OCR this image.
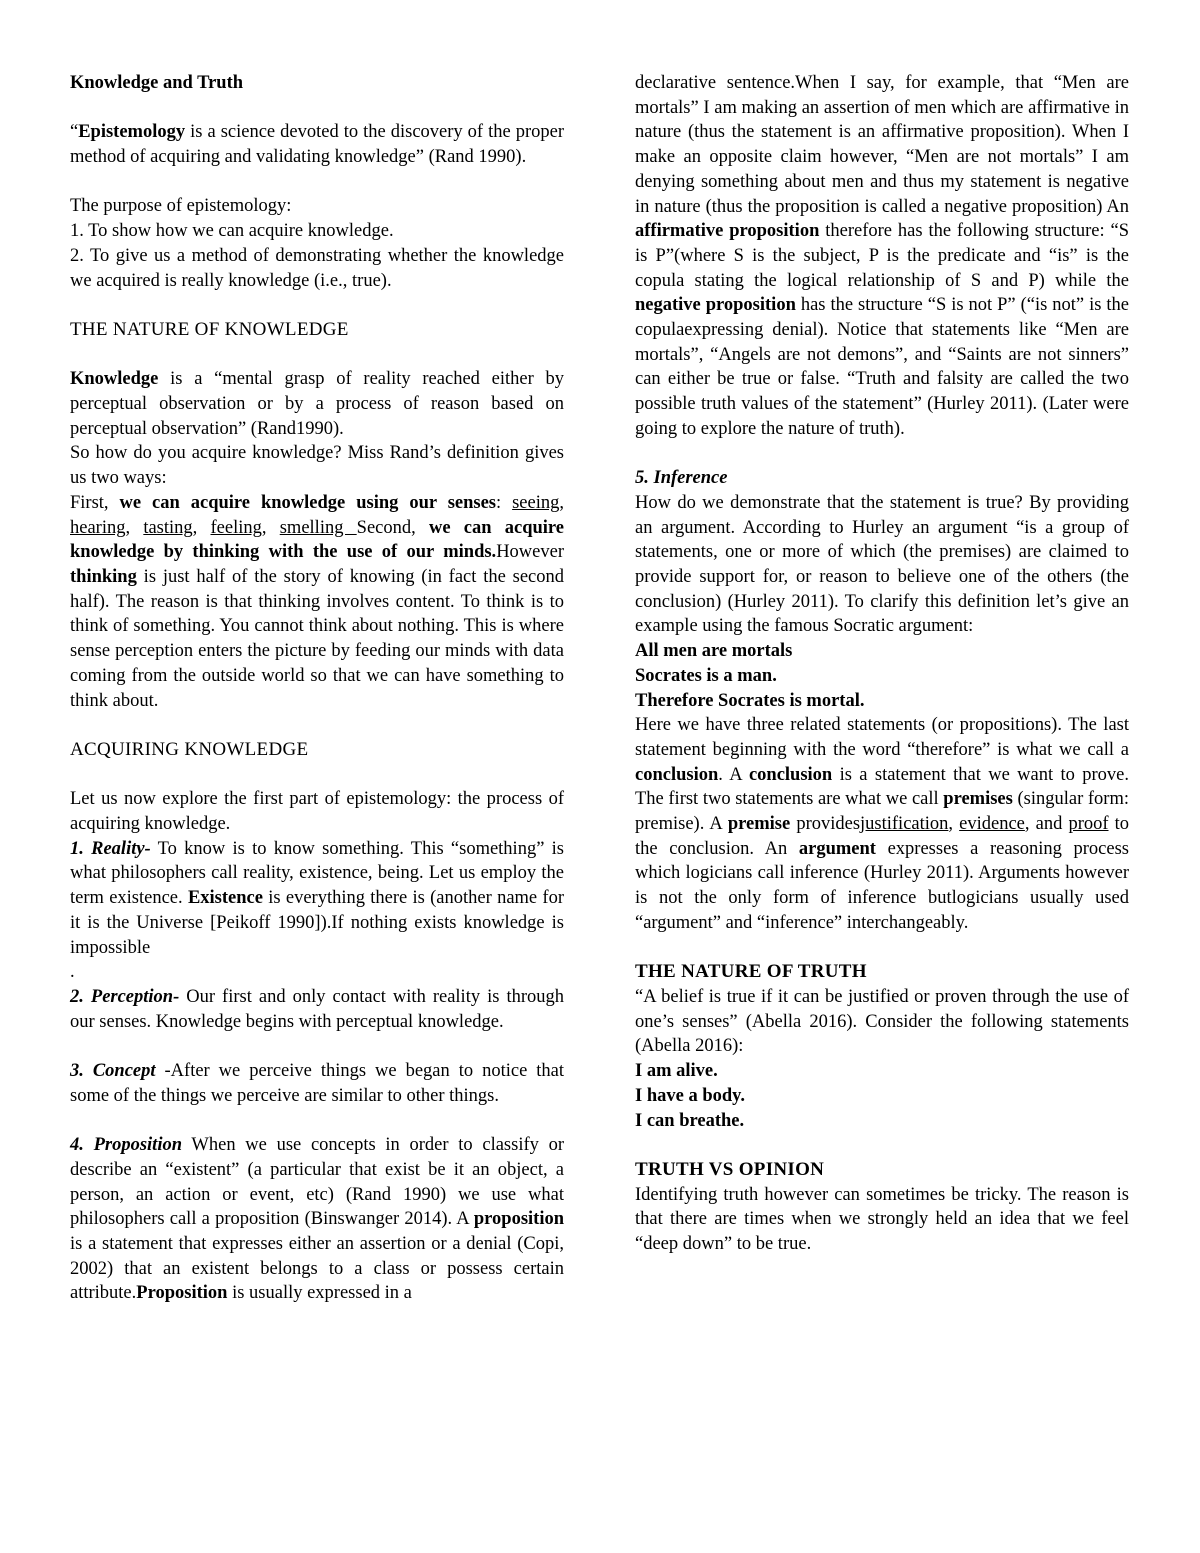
Knowledge and Truth

“Epistemology is a science devoted to the discovery of the proper method of acquiring and validating knowledge” (Rand 1990).

The purpose of epistemology:

1. To show how we can acquire knowledge.

2. To give us a method of demonstrating whether the knowledge we acquired is really knowledge (i.e., true).

THE NATURE OF KNOWLEDGE

Knowledge is a “mental grasp of reality reached either by perceptual observation or by a process of reason based on perceptual observation” (Rand1990).

So how do you acquire knowledge? Miss Rand’s definition gives us two ways:

First, we can acquire knowledge using our senses: seeing, hearing, tasting, feeling, smelling Second, we can acquire knowledge by thinking with the use of our minds.However thinking is just half of the story of knowing (in fact the second half). The reason is that thinking involves content. To think is to think of something. You cannot think about nothing. This is where sense perception enters the picture by feeding our minds with data coming from the outside world so that we can have something to think about.

ACQUIRING KNOWLEDGE

Let us now explore the first part of epistemology: the process of acquiring knowledge.

1. Reality- To know is to know something. This “something” is what philosophers call reality, existence, being. Let us employ the term existence. Existence is everything there is (another name for it is the Universe [Peikoff 1990]).If nothing exists knowledge is impossible

.

2. Perception- Our first and only contact with reality is through our senses. Knowledge begins with perceptual knowledge.

3. Concept -After we perceive things we began to notice that some of the things we perceive are similar to other things.

4. Proposition When we use concepts in order to classify or describe an “existent” (a particular that exist be it an object, a person, an action or event, etc) (Rand 1990) we use what philosophers call a proposition (Binswanger 2014). A proposition is a statement that expresses either an assertion or a denial (Copi, 2002) that an existent belongs to a class or possess certain attribute.Proposition is usually expressed in a

declarative sentence.When I say, for example, that “Men are mortals” I am making an assertion of men which are affirmative in nature (thus the statement is an affirmative proposition). When I make an opposite claim however, “Men are not mortals” I am denying something about men and thus my statement is negative in nature (thus the proposition is called a negative proposition) An affirmative proposition therefore has the following structure: “S is P”(where S is the subject, P is the predicate and “is” is the copula stating the logical relationship of S and P) while the negative proposition has the structure “S is not P” (“is not” is the copulaexpressing denial). Notice that statements like “Men are mortals”, “Angels are not demons”, and “Saints are not sinners” can either be true or false. “Truth and falsity are called the two possible truth values of the statement” (Hurley 2011). (Later were going to explore the nature of truth).

5. Inference

How do we demonstrate that the statement is true? By providing an argument. According to Hurley an argument “is a group of statements, one or more of which (the premises) are claimed to provide support for, or reason to believe one of the others (the conclusion) (Hurley 2011). To clarify this definition let’s give an example using the famous Socratic argument:

All men are mortals

Socrates is a man.

Therefore Socrates is mortal.

Here we have three related statements (or propositions). The last statement beginning with the word “therefore” is what we call a conclusion. A conclusion is a statement that we want to prove. The first two statements are what we call premises (singular form: premise). A premise providesjustification, evidence, and proof to the conclusion. An argument expresses a reasoning process which logicians call inference (Hurley 2011). Arguments however is not the only form of inference butlogicians usually used “argument” and “inference” interchangeably.

THE NATURE OF TRUTH

“A belief is true if it can be justified or proven through the use of one’s senses” (Abella 2016). Consider the following statements (Abella 2016):

I am alive.

I have a body.

I can breathe.

TRUTH VS OPINION

Identifying truth however can sometimes be tricky. The reason is that there are times when we strongly held an idea that we feel “deep down” to be true.
